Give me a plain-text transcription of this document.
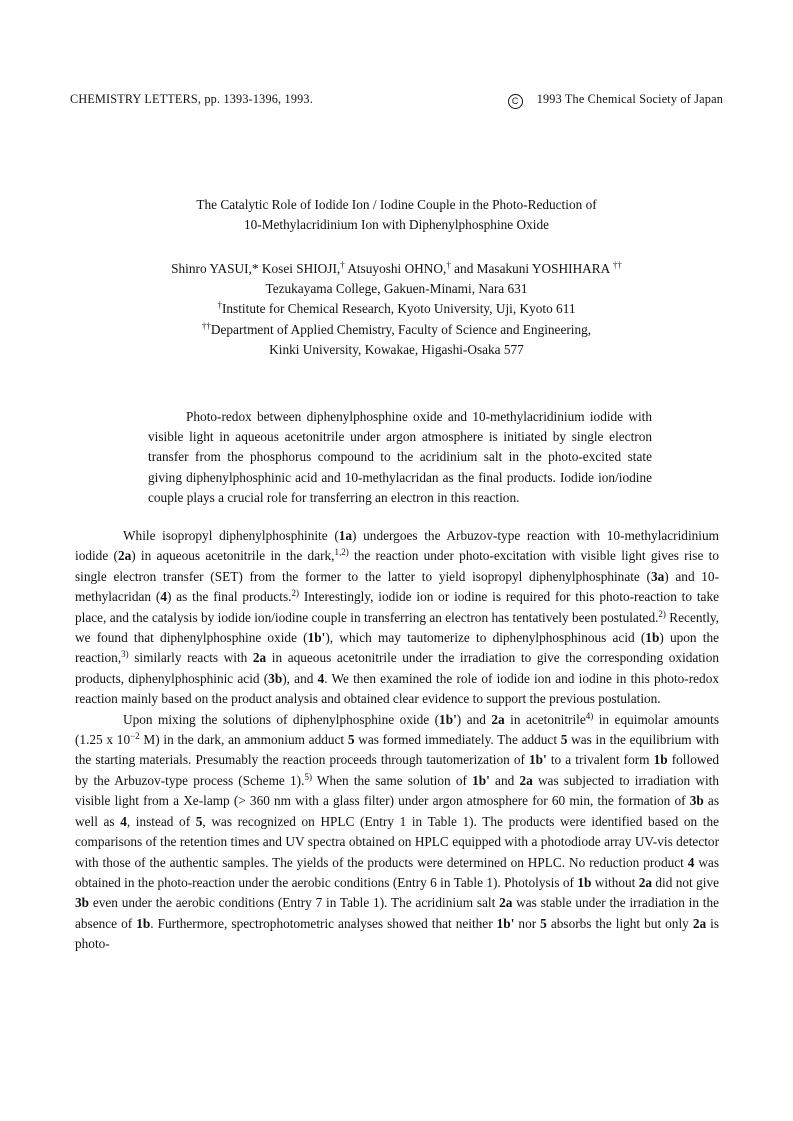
CHEMISTRY LETTERS, pp. 1393-1396, 1993.	C 1993 The Chemical Society of Japan
The Catalytic Role of Iodide Ion / Iodine Couple in the Photo-Reduction of
10-Methylacridinium Ion with Diphenylphosphine Oxide

Shinro YASUI,* Kosei SHIOJI,† Atsuyoshi OHNO,† and Masakuni YOSHIHARA ††

Tezukayama College, Gakuen-Minami, Nara 631

†Institute for Chemical Research, Kyoto University, Uji, Kyoto 611

††Department of Applied Chemistry, Faculty of Science and Engineering,

Kinki University, Kowakae, Higashi-Osaka 577

Photo-redox between diphenylphosphine oxide and 10-methylacridinium iodide with visible light in aqueous acetonitrile under argon atmosphere is initiated by single electron transfer from the phosphorus compound to the acridinium salt in the photo-excited state giving diphenylphosphinic acid and 10-methylacridan as the final products. Iodide ion/iodine couple plays a crucial role for transferring an electron in this reaction.

While isopropyl diphenylphosphinite (1a) undergoes the Arbuzov-type reaction with 10-methylacridinium iodide (2a) in aqueous acetonitrile in the dark,$^{1,2)}$ the reaction under photo-excitation with visible light gives rise to single electron transfer (SET) from the former to the latter to yield isopropyl diphenylphosphinate (3a) and 10-methylacridan (4) as the final products.$^{2)}$ Interestingly, iodide ion or iodine is required for this photo-reaction to take place, and the catalysis by iodide ion/iodine couple in transferring an electron has tentatively been postulated.$^{2)}$ Recently, we found that diphenylphosphine oxide (1b'), which may tautomerize to diphenylphosphinous acid (1b) upon the reaction,$^{3)}$ similarly reacts with 2a in aqueous acetonitrile under the irradiation to give the corresponding oxidation products, diphenylphosphinic acid (3b), and 4. We then examined the role of iodide ion and iodine in this photo-redox reaction mainly based on the product analysis and obtained clear evidence to support the previous postulation.

Upon mixing the solutions of diphenylphosphine oxide (1b') and 2a in acetonitrile$^{4)}$ in equimolar amounts (1.25 x $10^{-2}$ M) in the dark, an ammonium adduct 5 was formed immediately. The adduct 5 was in the equilibrium with the starting materials. Presumably the reaction proceeds through tautomerization of 1b' to a trivalent form 1b followed by the Arbuzov-type process (Scheme 1).$^{5)}$ When the same solution of 1b' and 2a was subjected to irradiation with visible light from a Xe-lamp (> 360 nm with a glass filter) under argon atmosphere for 60 min, the formation of 3b as well as 4, instead of 5, was recognized on HPLC (Entry 1 in Table 1). The products were identified based on the comparisons of the retention times and UV spectra obtained on HPLC equipped with a photodiode array UV-vis detector with those of the authentic samples. The yields of the products were determined on HPLC. No reduction product 4 was obtained in the photo-reaction under the aerobic conditions (Entry 6 in Table 1). Photolysis of 1b without 2a did not give 3b even under the aerobic conditions (Entry 7 in Table 1). The acridinium salt 2a was stable under the irradiation in the absence of 1b. Furthermore, spectrophotometric analyses showed that neither 1b' nor 5 absorbs the light but only 2a is photo-
